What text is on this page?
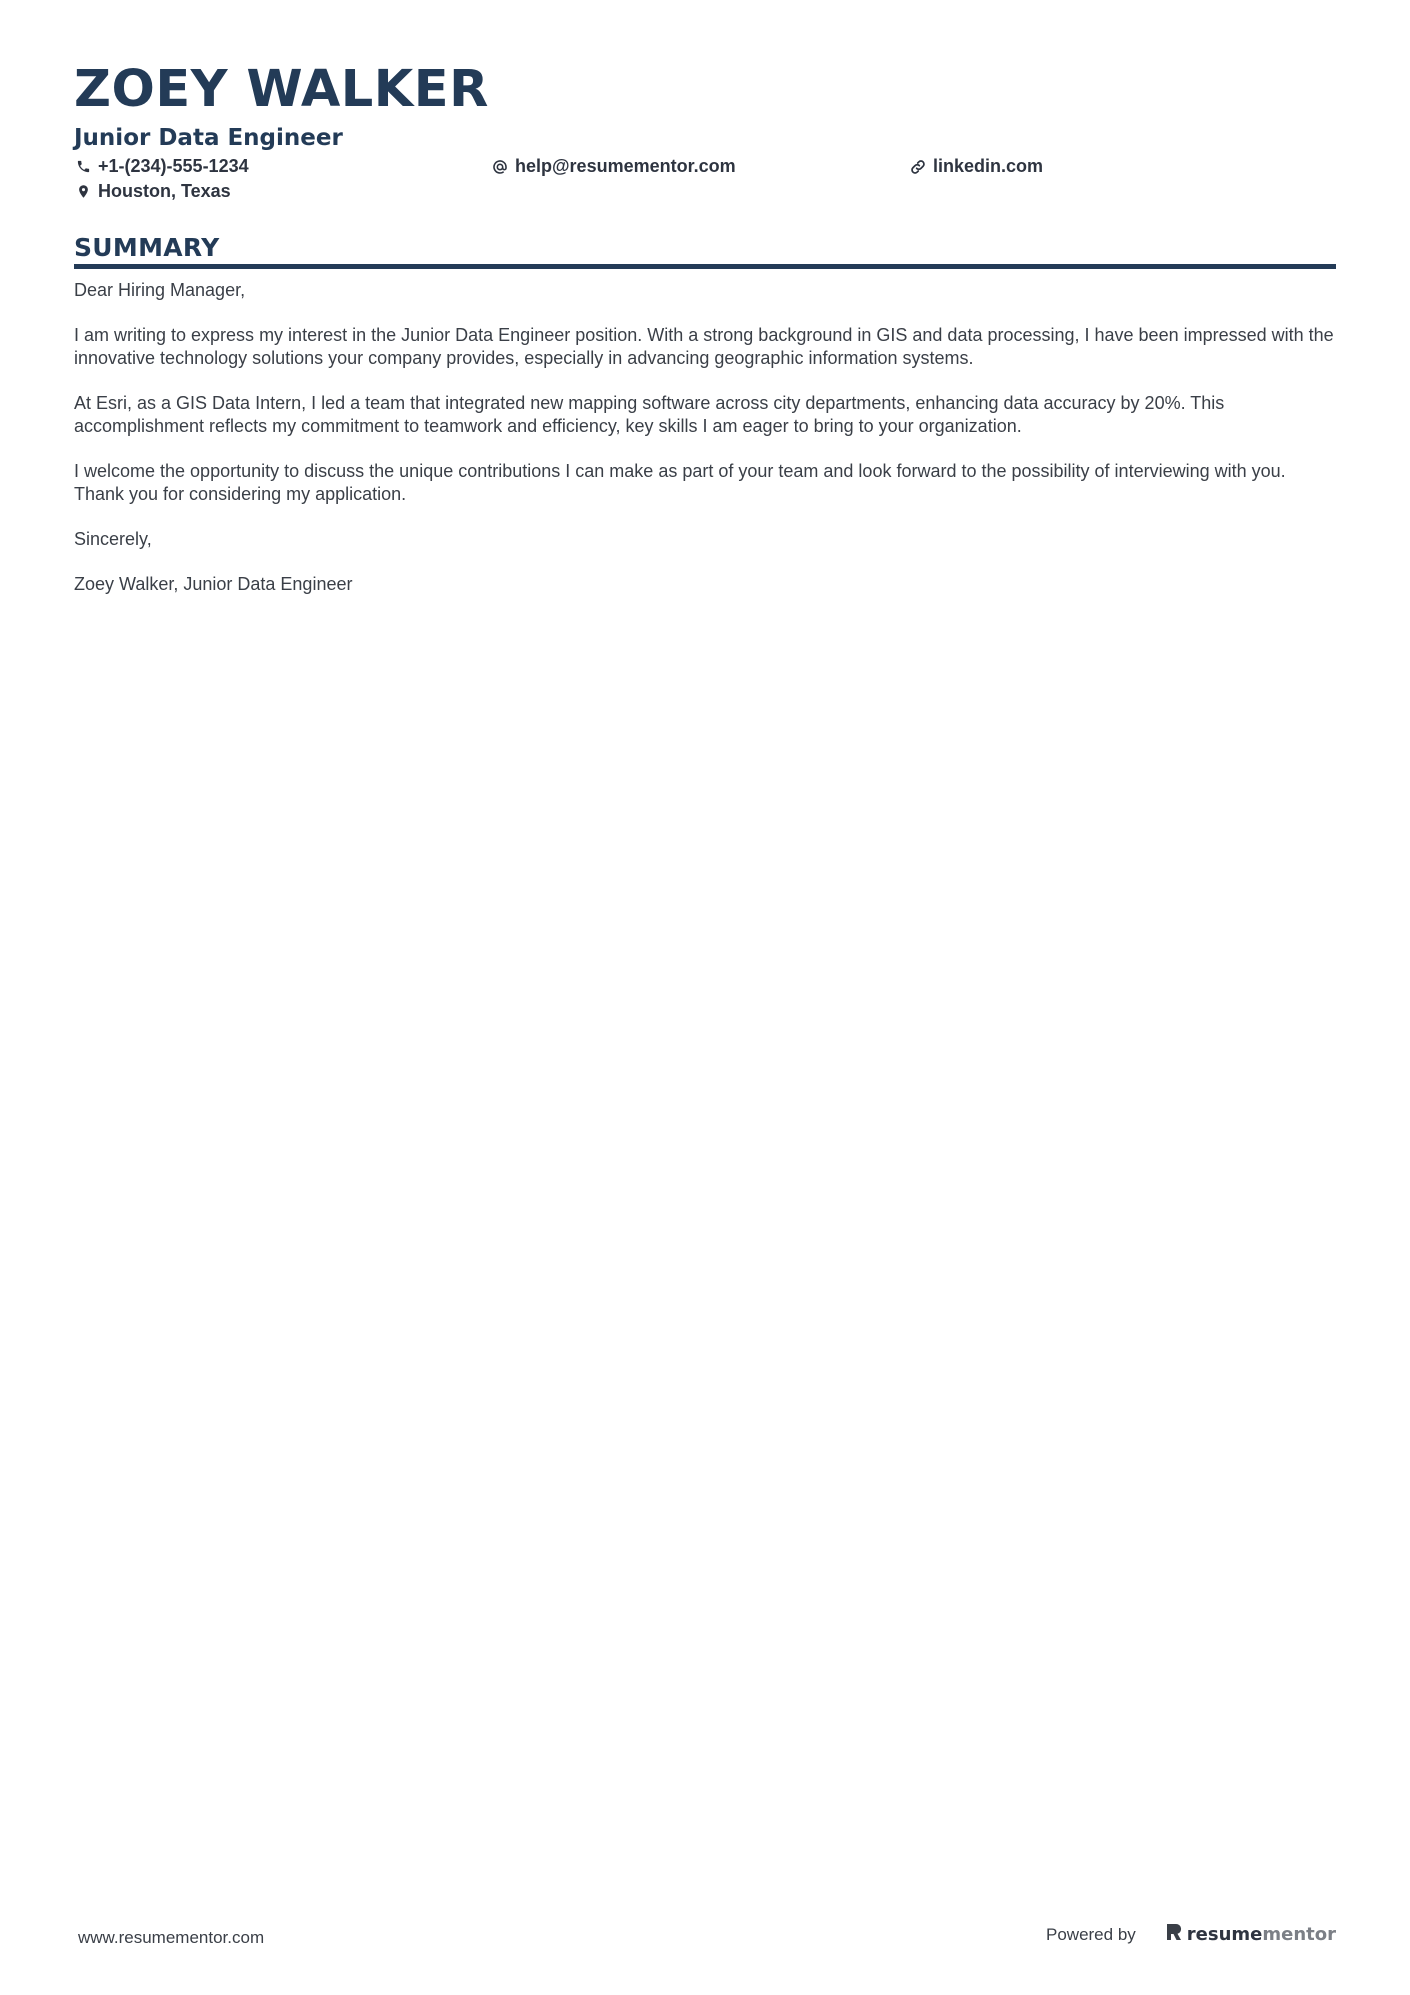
ZOEY WALKER
Junior Data Engineer
+1-(234)-555-1234	help@resumementor.com	linkedin.com
Houston, Texas
SUMMARY

Dear Hiring Manager,

I am writing to express my interest in the Junior Data Engineer position. With a strong background in GIS and data processing, I have been impressed with the innovative technology solutions your company provides, especially in advancing geographic information systems.

At Esri, as a GIS Data Intern, I led a team that integrated new mapping software across city departments, enhancing data accuracy by 20%. This accomplishment reflects my commitment to teamwork and efficiency, key skills I am eager to bring to your organization.

I welcome the opportunity to discuss the unique contributions I can make as part of your team and look forward to the possibility of interviewing with you. Thank you for considering my application.

Sincerely,

Zoey Walker, Junior Data Engineer

www.resumementor.com	Powered by	resume mentor
